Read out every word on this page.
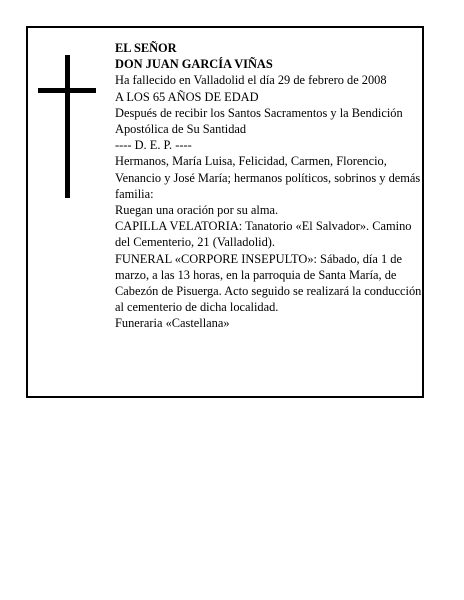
EL SEÑOR
DON JUAN GARCÍA VIÑAS
Ha fallecido en Valladolid el día 29 de febrero de 2008
A LOS 65 AÑOS DE EDAD
Después de recibir los Santos Sacramentos y la Bendición Apostólica de Su Santidad
---- D. E. P. ----
Hermanos, María Luisa, Felicidad, Carmen, Florencio, Venancio y José María; hermanos políticos, sobrinos y demás familia:
Ruegan una oración por su alma.
CAPILLA VELATORIA: Tanatorio «El Salvador». Camino del Cementerio, 21 (Valladolid).
FUNERAL «CORPORE INSEPULTO»: Sábado, día 1 de marzo, a las 13 horas, en la parroquia de Santa María, de Cabezón de Pisuerga. Acto seguido se realizará la conducción al cementerio de dicha localidad.
Funeraria «Castellana»
